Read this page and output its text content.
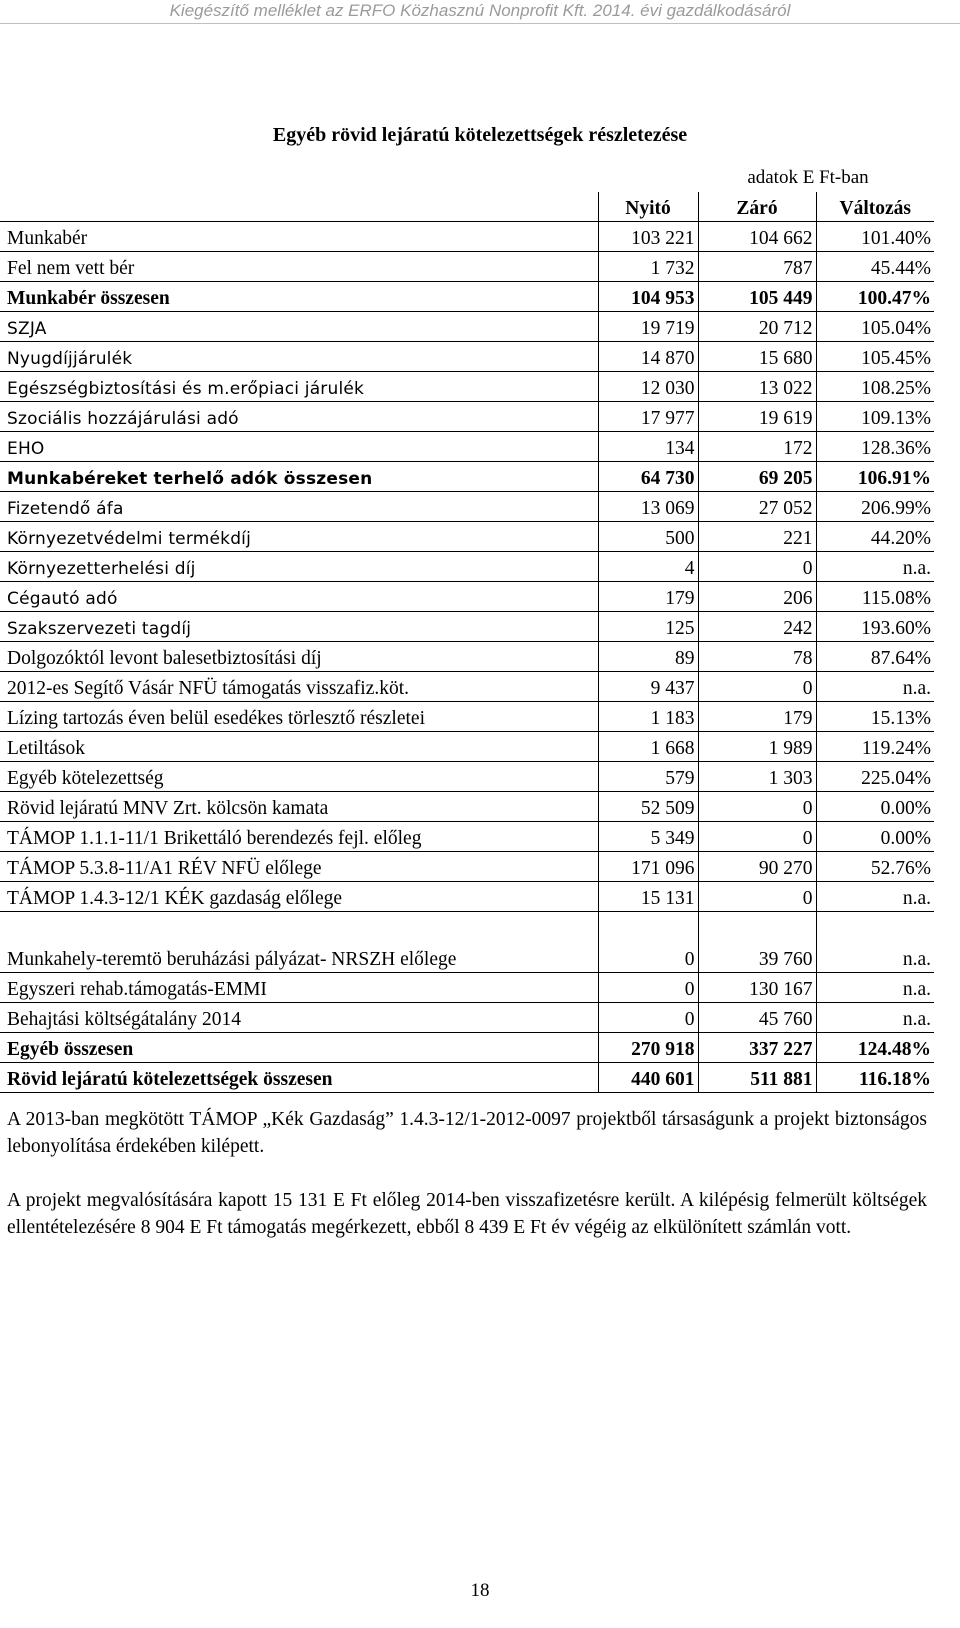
Kiegészítő melléklet az ERFO Közhasznú Nonprofit Kft. 2014. évi gazdálkodásáról
Egyéb rövid lejáratú kötelezettségek részletezése
adatok E Ft-ban
	Nyitó	Záró	Változás
Munkabér	103 221	104 662	101.40%
Fel nem vett bér	1 732	787	45.44%
Munkabér összesen	104 953	105 449	100.47%
SZJA	19 719	20 712	105.04%
Nyugdíjjárulék	14 870	15 680	105.45%
Egészségbiztosítási és m.erőpiaci járulék	12 030	13 022	108.25%
Szociális hozzájárulási adó	17 977	19 619	109.13%
EHO	134	172	128.36%
Munkabéreket terhelő adók összesen	64 730	69 205	106.91%
Fizetendő áfa	13 069	27 052	206.99%
Környezetvédelmi termékdíj	500	221	44.20%
Környezetterhelési díj	4	0	n.a.
Cégautó adó	179	206	115.08%
Szakszervezeti tagdíj	125	242	193.60%
Dolgozóktól levont balesetbiztosítási díj	89	78	87.64%
2012-es Segítő Vásár NFÜ támogatás visszafiz.köt.	9 437	0	n.a.
Lízing tartozás éven belül esedékes törlesztő részletei	1 183	179	15.13%
Letiltások	1 668	1 989	119.24%
Egyéb kötelezettség	579	1 303	225.04%
Rövid lejáratú MNV Zrt. kölcsön kamata	52 509	0	0.00%
TÁMOP 1.1.1-11/1 Brikettáló berendezés fejl. előleg	5 349	0	0.00%
TÁMOP 5.3.8-11/A1 RÉV NFÜ előlege	171 096	90 270	52.76%
TÁMOP 1.4.3-12/1 KÉK gazdaság előlege	15 131	0	n.a.
Munkahely-teremtö beruházási pályázat- NRSZH előlege	0	39 760	n.a.
Egyszeri rehab.támogatás-EMMI	0	130 167	n.a.
Behajtási költségátalány 2014	0	45 760	n.a.
Egyéb összesen	270 918	337 227	124.48%
Rövid lejáratú kötelezettségek összesen	440 601	511 881	116.18%

A 2013-ban megkötött TÁMOP „Kék Gazdaság” 1.4.3-12/1-2012-0097 projektből társaságunk a projekt biztonságos lebonyolítása érdekében kilépett.

A projekt megvalósítására kapott 15 131 E Ft előleg 2014-ben visszafizetésre került. A kilépésig felmerült költségek ellentételezésére 8 904 E Ft támogatás megérkezett, ebből 8 439 E Ft év végéig az elkülönített számlán vott.

18
